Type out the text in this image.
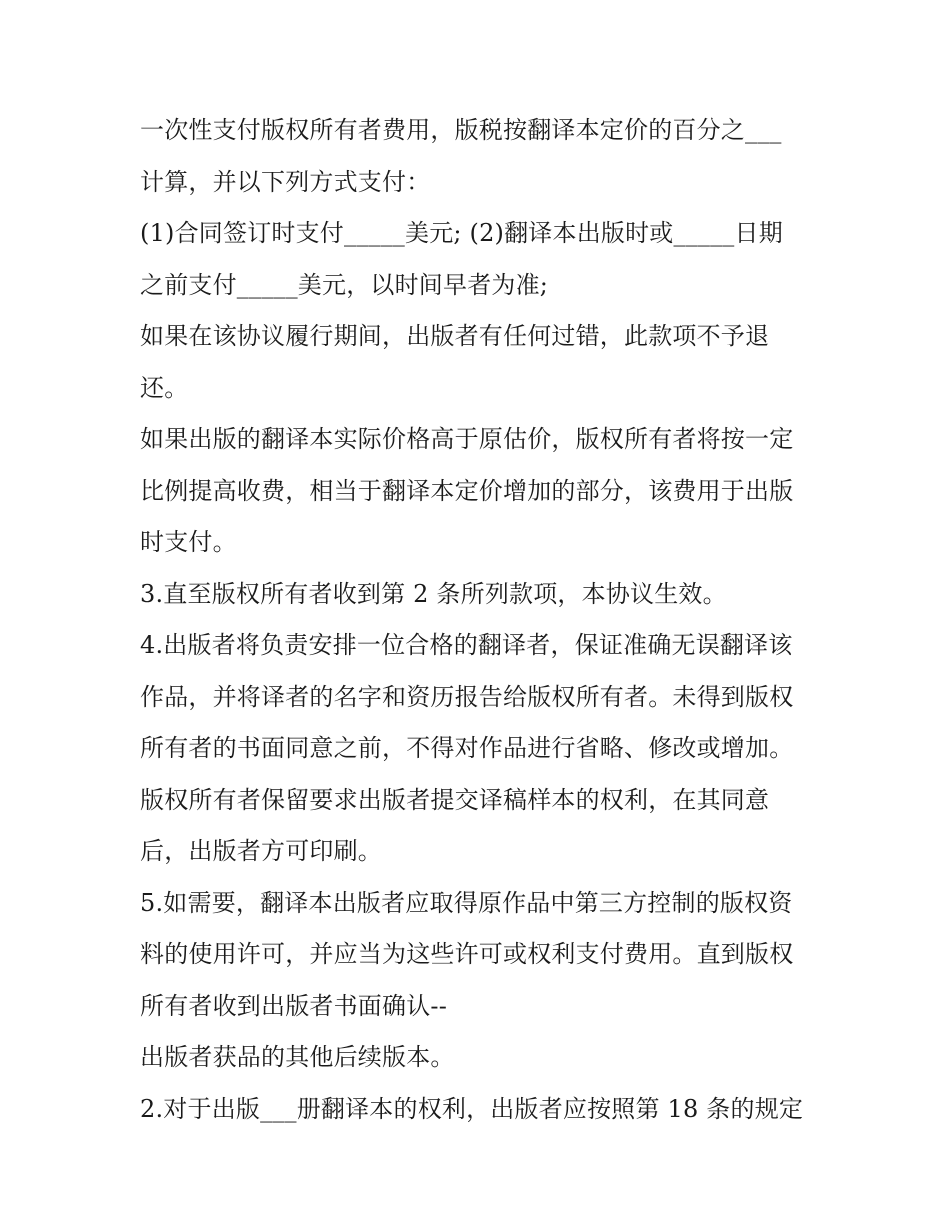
一次性支付版权所有者费用，版税按翻译本定价的百分之___

计算，并以下列方式支付：

(1)合同签订时支付_____美元; (2)翻译本出版时或_____日期

之前支付_____美元，以时间早者为准;

如果在该协议履行期间，出版者有任何过错，此款项不予退

还。

如果出版的翻译本实际价格高于原估价，版权所有者将按一定

比例提高收费，相当于翻译本定价增加的部分，该费用于出版

时支付。

3.直至版权所有者收到第 2 条所列款项，本协议生效。

4.出版者将负责安排一位合格的翻译者，保证准确无误翻译该

作品，并将译者的名字和资历报告给版权所有者。未得到版权

所有者的书面同意之前，不得对作品进行省略、修改或增加。

版权所有者保留要求出版者提交译稿样本的权利，在其同意

后，出版者方可印刷。

5.如需要，翻译本出版者应取得原作品中第三方控制的版权资

料的使用许可，并应当为这些许可或权利支付费用。直到版权

所有者收到出版者书面确认--

出版者获品的其他后续版本。

2.对于出版___册翻译本的权利，出版者应按照第 18 条的规定
